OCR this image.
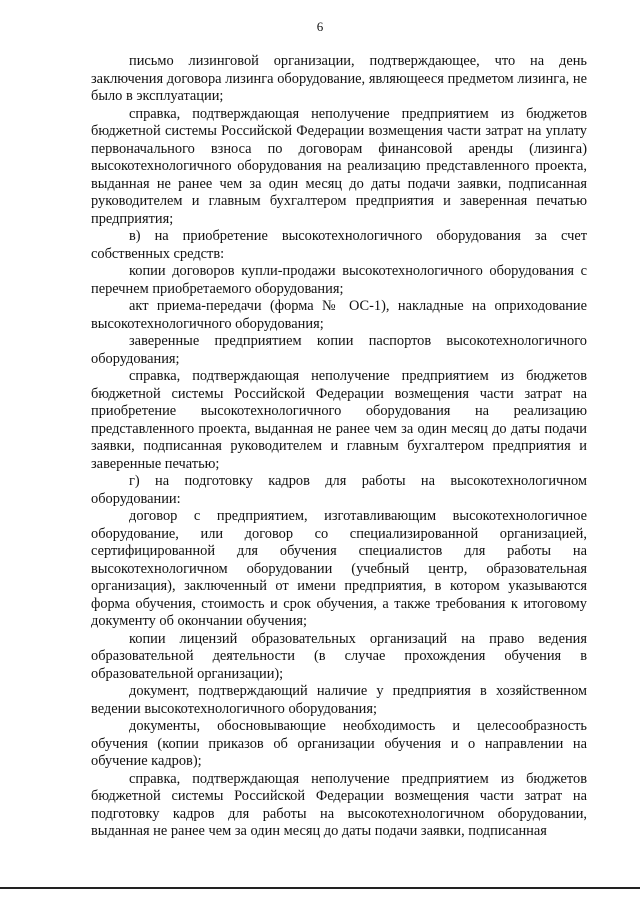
6

письмо лизинговой организации, подтверждающее, что на день заключения договора лизинга оборудование, являющееся предметом лизинга, не было в эксплуатации;

справка, подтверждающая неполучение предприятием из бюджетов бюджетной системы Российской Федерации возмещения части затрат на уплату первоначального взноса по договорам финансовой аренды (лизинга) высокотехнологичного оборудования на реализацию представленного проекта, выданная не ранее чем за один месяц до даты подачи заявки, подписанная руководителем и главным бухгалтером предприятия и заверенная печатью предприятия;

в) на приобретение высокотехнологичного оборудования за счет собственных средств:

копии договоров купли-продажи высокотехнологичного оборудования с перечнем приобретаемого оборудования;

акт приема-передачи (форма № ОС-1), накладные на оприходование высокотехнологичного оборудования;

заверенные предприятием копии паспортов высокотехнологичного оборудования;

справка, подтверждающая неполучение предприятием из бюджетов бюджетной системы Российской Федерации возмещения части затрат на приобретение высокотехнологичного оборудования на реализацию представленного проекта, выданная не ранее чем за один месяц до даты подачи заявки, подписанная руководителем и главным бухгалтером предприятия и заверенные печатью;

г) на подготовку кадров для работы на высокотехнологичном оборудовании:

договор с предприятием, изготавливающим высокотехнологичное оборудование, или договор со специализированной организацией, сертифицированной для обучения специалистов для работы на высокотехнологичном оборудовании (учебный центр, образовательная организация), заключенный от имени предприятия, в котором указываются форма обучения, стоимость и срок обучения, а также требования к итоговому документу об окончании обучения;

копии лицензий образовательных организаций на право ведения образовательной деятельности (в случае прохождения обучения в образовательной организации);

документ, подтверждающий наличие у предприятия в хозяйственном ведении высокотехнологичного оборудования;

документы, обосновывающие необходимость и целесообразность обучения (копии приказов об организации обучения и о направлении на обучение кадров);

справка, подтверждающая неполучение предприятием из бюджетов бюджетной системы Российской Федерации возмещения части затрат на подготовку кадров для работы на высокотехнологичном оборудовании, выданная не ранее чем за один месяц до даты подачи заявки, подписанная
